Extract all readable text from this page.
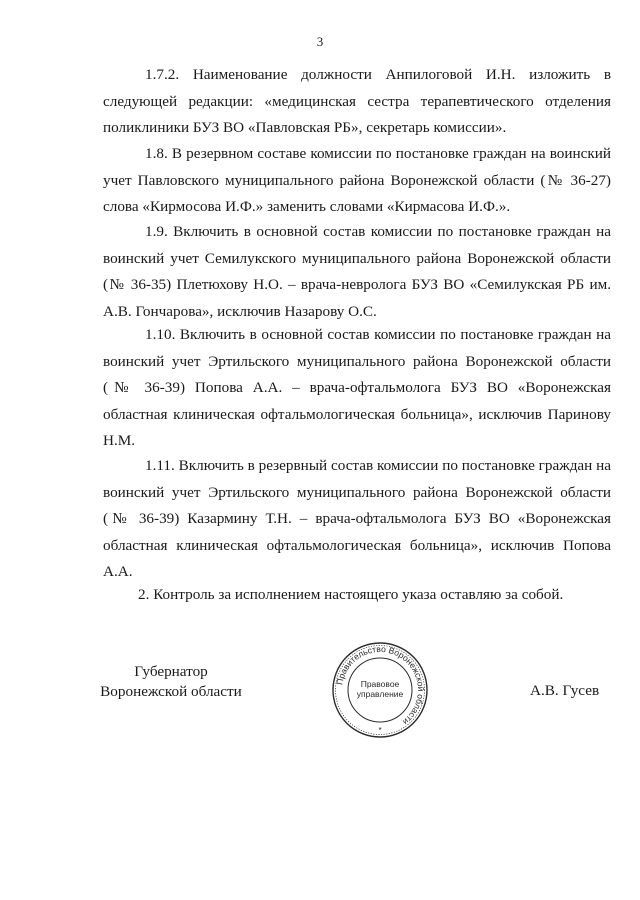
3

1.7.2. Наименование должности Анпилоговой И.Н. изложить в следующей редакции: «медицинская сестра терапевтического отделения поликлиники БУЗ ВО «Павловская РБ», секретарь комиссии».

1.8. В резервном составе комиссии по постановке граждан на воинский учет Павловского муниципального района Воронежской области (№ 36-27) слова «Кирмосова И.Ф.» заменить словами «Кирмасова И.Ф.».

1.9. Включить в основной состав комиссии по постановке граждан на воинский учет Семилукского муниципального района Воронежской области (№ 36-35) Плетюхову Н.О. – врача-невролога БУЗ ВО «Семилукская РБ им. А.В. Гончарова», исключив Назарову О.С.

1.10. Включить в основной состав комиссии по постановке граждан на воинский учет Эртильского муниципального района Воронежской области (№ 36-39) Попова А.А. – врача-офтальмолога БУЗ ВО «Воронежская областная клиническая офтальмологическая больница», исключив Паринову Н.М.

1.11. Включить в резервный состав комиссии по постановке граждан на воинский учет Эртильского муниципального района Воронежской области (№ 36-39) Казармину Т.Н. – врача-офтальмолога БУЗ ВО «Воронежская областная клиническая офтальмологическая больница», исключив Попова А.А.

2. Контроль за исполнением настоящего указа оставляю за собой.

Губернатор
Воронежской области
Правительство Воронежской области
Правовое
управление
*
А.В. Гусев
